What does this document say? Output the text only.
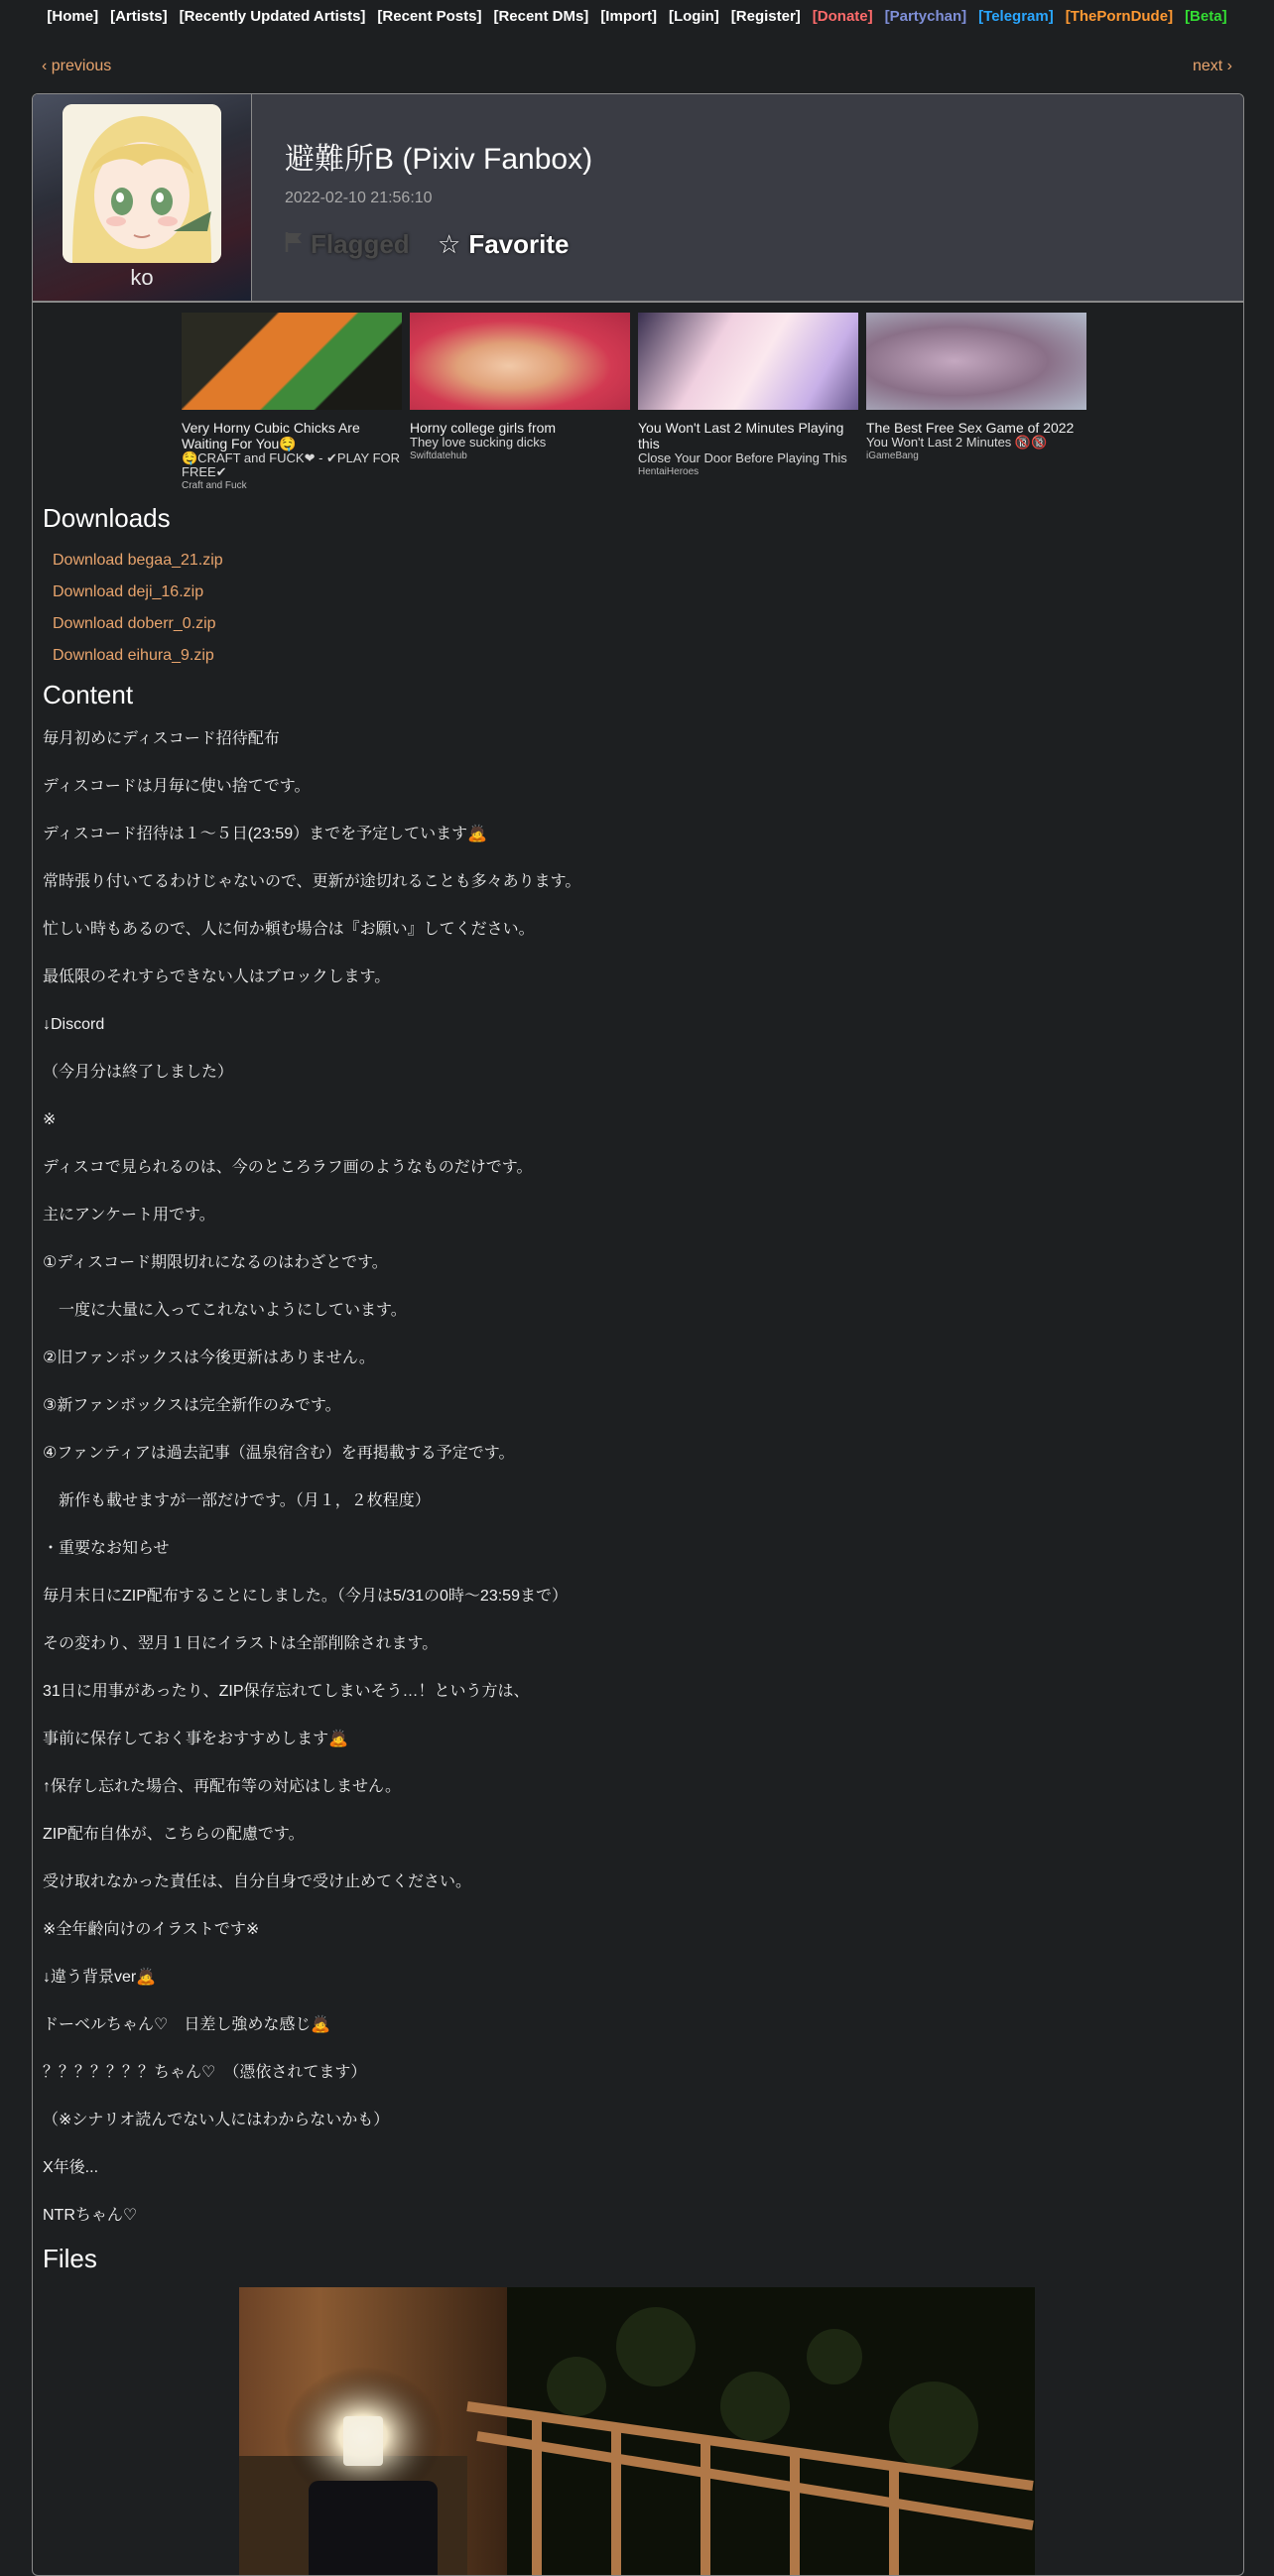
[Home] [Artists] [Recently Updated Artists] [Recent Posts] [Recent DMs] [Import] [Login] [Register] [Donate] [Partychan] [Telegram] [ThePornDude] [Beta]
‹ previous	next ›
ko
避難所B (Pixiv Fanbox)
2022-02-10 21:56:10
Flagged ☆ Favorite
Very Horny Cubic Chicks Are Waiting For You🤤
🤤CRAFT and FUCK❤ - ✔PLAY FOR FREE✔
Craft and Fuck
Horny college girls from
They love sucking dicks
Swiftdatehub
You Won't Last 2 Minutes Playing this
Close Your Door Before Playing This
HentaiHeroes
The Best Free Sex Game of 2022
You Won't Last 2 Minutes 🔞🔞
iGameBang
Downloads
Download begaa_21.zip
Download deji_16.zip
Download doberr_0.zip
Download eihura_9.zip
Content

毎月初めにディスコード招待配布

ディスコードは月毎に使い捨てです。

ディスコード招待は１～５日(23:59）までを予定しています🙇

常時張り付いてるわけじゃないので、更新が途切れることも多々あります。

忙しい時もあるので、人に何か頼む場合は『お願い』してください。

最低限のそれすらできない人はブロックします。

↓Discord

（今月分は終了しました）

※

ディスコで見られるのは、今のところラフ画のようなものだけです。

主にアンケート用です。

①ディスコード期限切れになるのはわざとです。

　一度に大量に入ってこれないようにしています。

②旧ファンボックスは今後更新はありません。

③新ファンボックスは完全新作のみです。

④ファンティアは過去記事（温泉宿含む）を再掲載する予定です。

　新作も載せますが一部だけです。（月１，２枚程度）

・重要なお知らせ

毎月末日にZIP配布することにしました。（今月は5/31の0時～23:59まで）

その変わり、翌月１日にイラストは全部削除されます。

31日に用事があったり、ZIP保存忘れてしまいそう…！という方は、

事前に保存しておく事をおすすめします🙇

↑保存し忘れた場合、再配布等の対応はしません。

ZIP配布自体が、こちらの配慮です。

受け取れなかった責任は、自分自身で受け止めてください。

※全年齢向けのイラストです※

↓違う背景ver🙇

ドーベルちゃん♡　日差し強めな感じ🙇

？？？？？？？ちゃん♡　（憑依されてます）

（※シナリオ読んでない人にはわからないかも）

X年後...

NTRちゃん♡

Files
